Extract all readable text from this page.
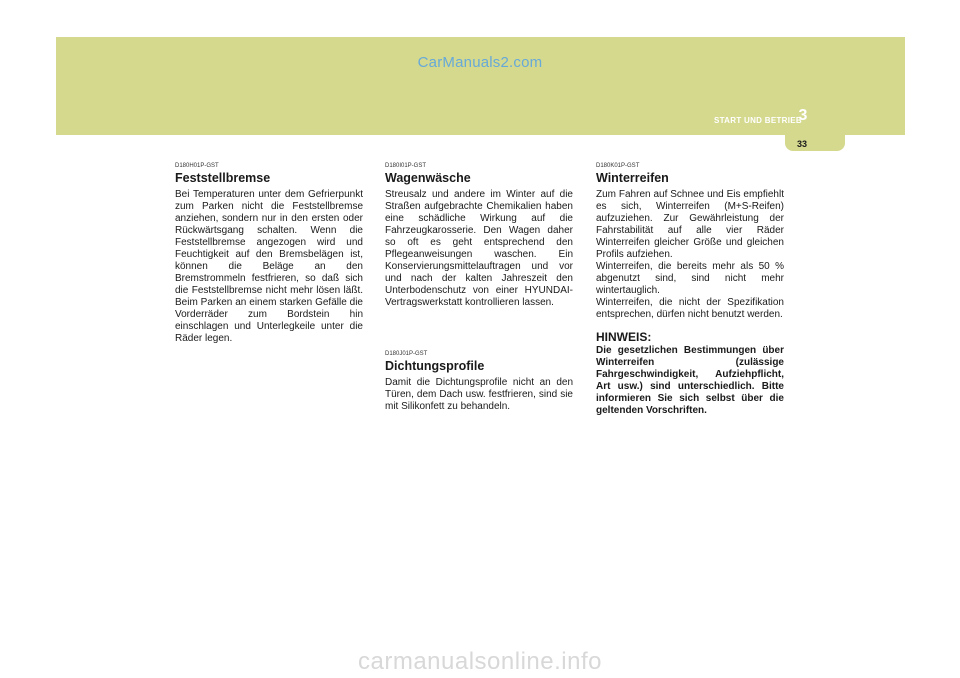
CarManuals2.com
3
START UND BETRIEB
33
D180H01P-GST
Feststellbremse

Bei Temperaturen unter dem Gefrierpunkt zum Parken nicht die Feststellbremse anziehen, sondern nur in den ersten oder Rückwärtsgang schalten. Wenn die Feststellbremse angezogen wird und Feuchtigkeit auf den Bremsbelägen ist, können die Beläge an den Bremstrommeln festfrieren, so daß sich die Feststellbremse nicht mehr lösen läßt. Beim Parken an einem starken Gefälle die Vorderräder zum Bordstein hin einschlagen und Unterlegkeile unter die Räder legen.

D180I01P-GST
Wagenwäsche

Streusalz und andere im Winter auf die Straßen aufgebrachte Chemikalien haben eine schädliche Wirkung auf die Fahrzeugkarosserie. Den Wagen daher so oft es geht entsprechend den Pflegeanweisungen waschen. Ein Konservierungsmittelauftragen und vor und nach der kalten Jahreszeit den Unterbodenschutz von einer HYUNDAI-Vertragswerkstatt kontrollieren lassen.

D180J01P-GST
Dichtungsprofile

Damit die Dichtungsprofile nicht an den Türen, dem Dach usw. festfrieren, sind sie mit Silikonfett zu behandeln.

D180K01P-GST
Winterreifen

Zum Fahren auf Schnee und Eis empfiehlt es sich, Winterreifen (M+S-Reifen) aufzuziehen. Zur Gewährleistung der Fahrstabilität auf alle vier Räder Winterreifen gleicher Größe und gleichen Profils aufziehen.

Winterreifen, die bereits mehr als 50 % abgenutzt sind, sind nicht mehr wintertauglich.

Winterreifen, die nicht der Spezifikation entsprechen, dürfen nicht benutzt werden.

HINWEIS:

Die gesetzlichen Bestimmungen über Winterreifen (zulässige Fahrgeschwindigkeit, Aufziehpflicht, Art usw.) sind unterschiedlich. Bitte informieren Sie sich selbst über die geltenden Vorschriften.

carmanualsonline.info
